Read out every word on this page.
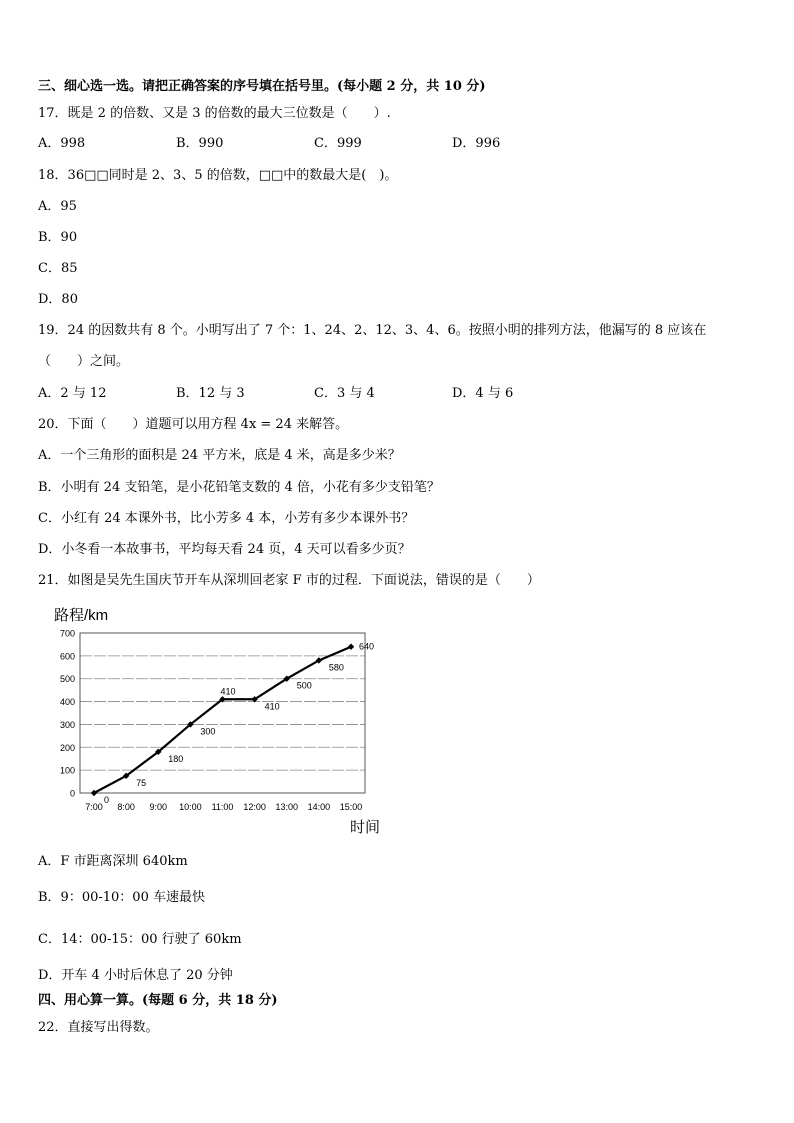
三、细心选一选。请把正确答案的序号填在括号里。(每小题 2 分，共 10 分)
17．既是 2 的倍数、又是 3 的倍数的最大三位数是（　　）.
A．998	B．990	C．999	D．996
18．36□□同时是 2、3、5 的倍数，□□中的数最大是(　)。
A．95
B．90
C．85
D．80
19．24 的因数共有 8 个。小明写出了 7 个：1、24、2、12、3、4、6。按照小明的排列方法，他漏写的 8 应该在
（　　）之间。
A．2 与 12	B．12 与 3	C．3 与 4	D．4 与 6
20．下面（　　）道题可以用方程 4x = 24 来解答。
A．一个三角形的面积是 24 平方米，底是 4 米，高是多少米？
B．小明有 24 支铅笔，是小花铅笔支数的 4 倍，小花有多少支铅笔？
C．小红有 24 本课外书，比小芳多 4 本，小芳有多少本课外书？
D．小冬看一本故事书，平均每天看 24 页，4 天可以看多少页？
21．如图是吴先生国庆节开车从深圳回老家 F 市的过程．下面说法，错误的是（　　）
路程/km
0
100
200
300
400
500
600
700
7:00 8:00 9:00 10:00 11:00 12:00 13:00 14:00 15:00
0
75
180
300
410
410
500
580
640
时间
A．F 市距离深圳 640km
B．9：00-10：00 车速最快
C．14：00-15：00 行驶了 60km
D．开车 4 小时后休息了 20 分钟
四、用心算一算。(每题 6 分，共 18 分)
22．直接写出得数。
